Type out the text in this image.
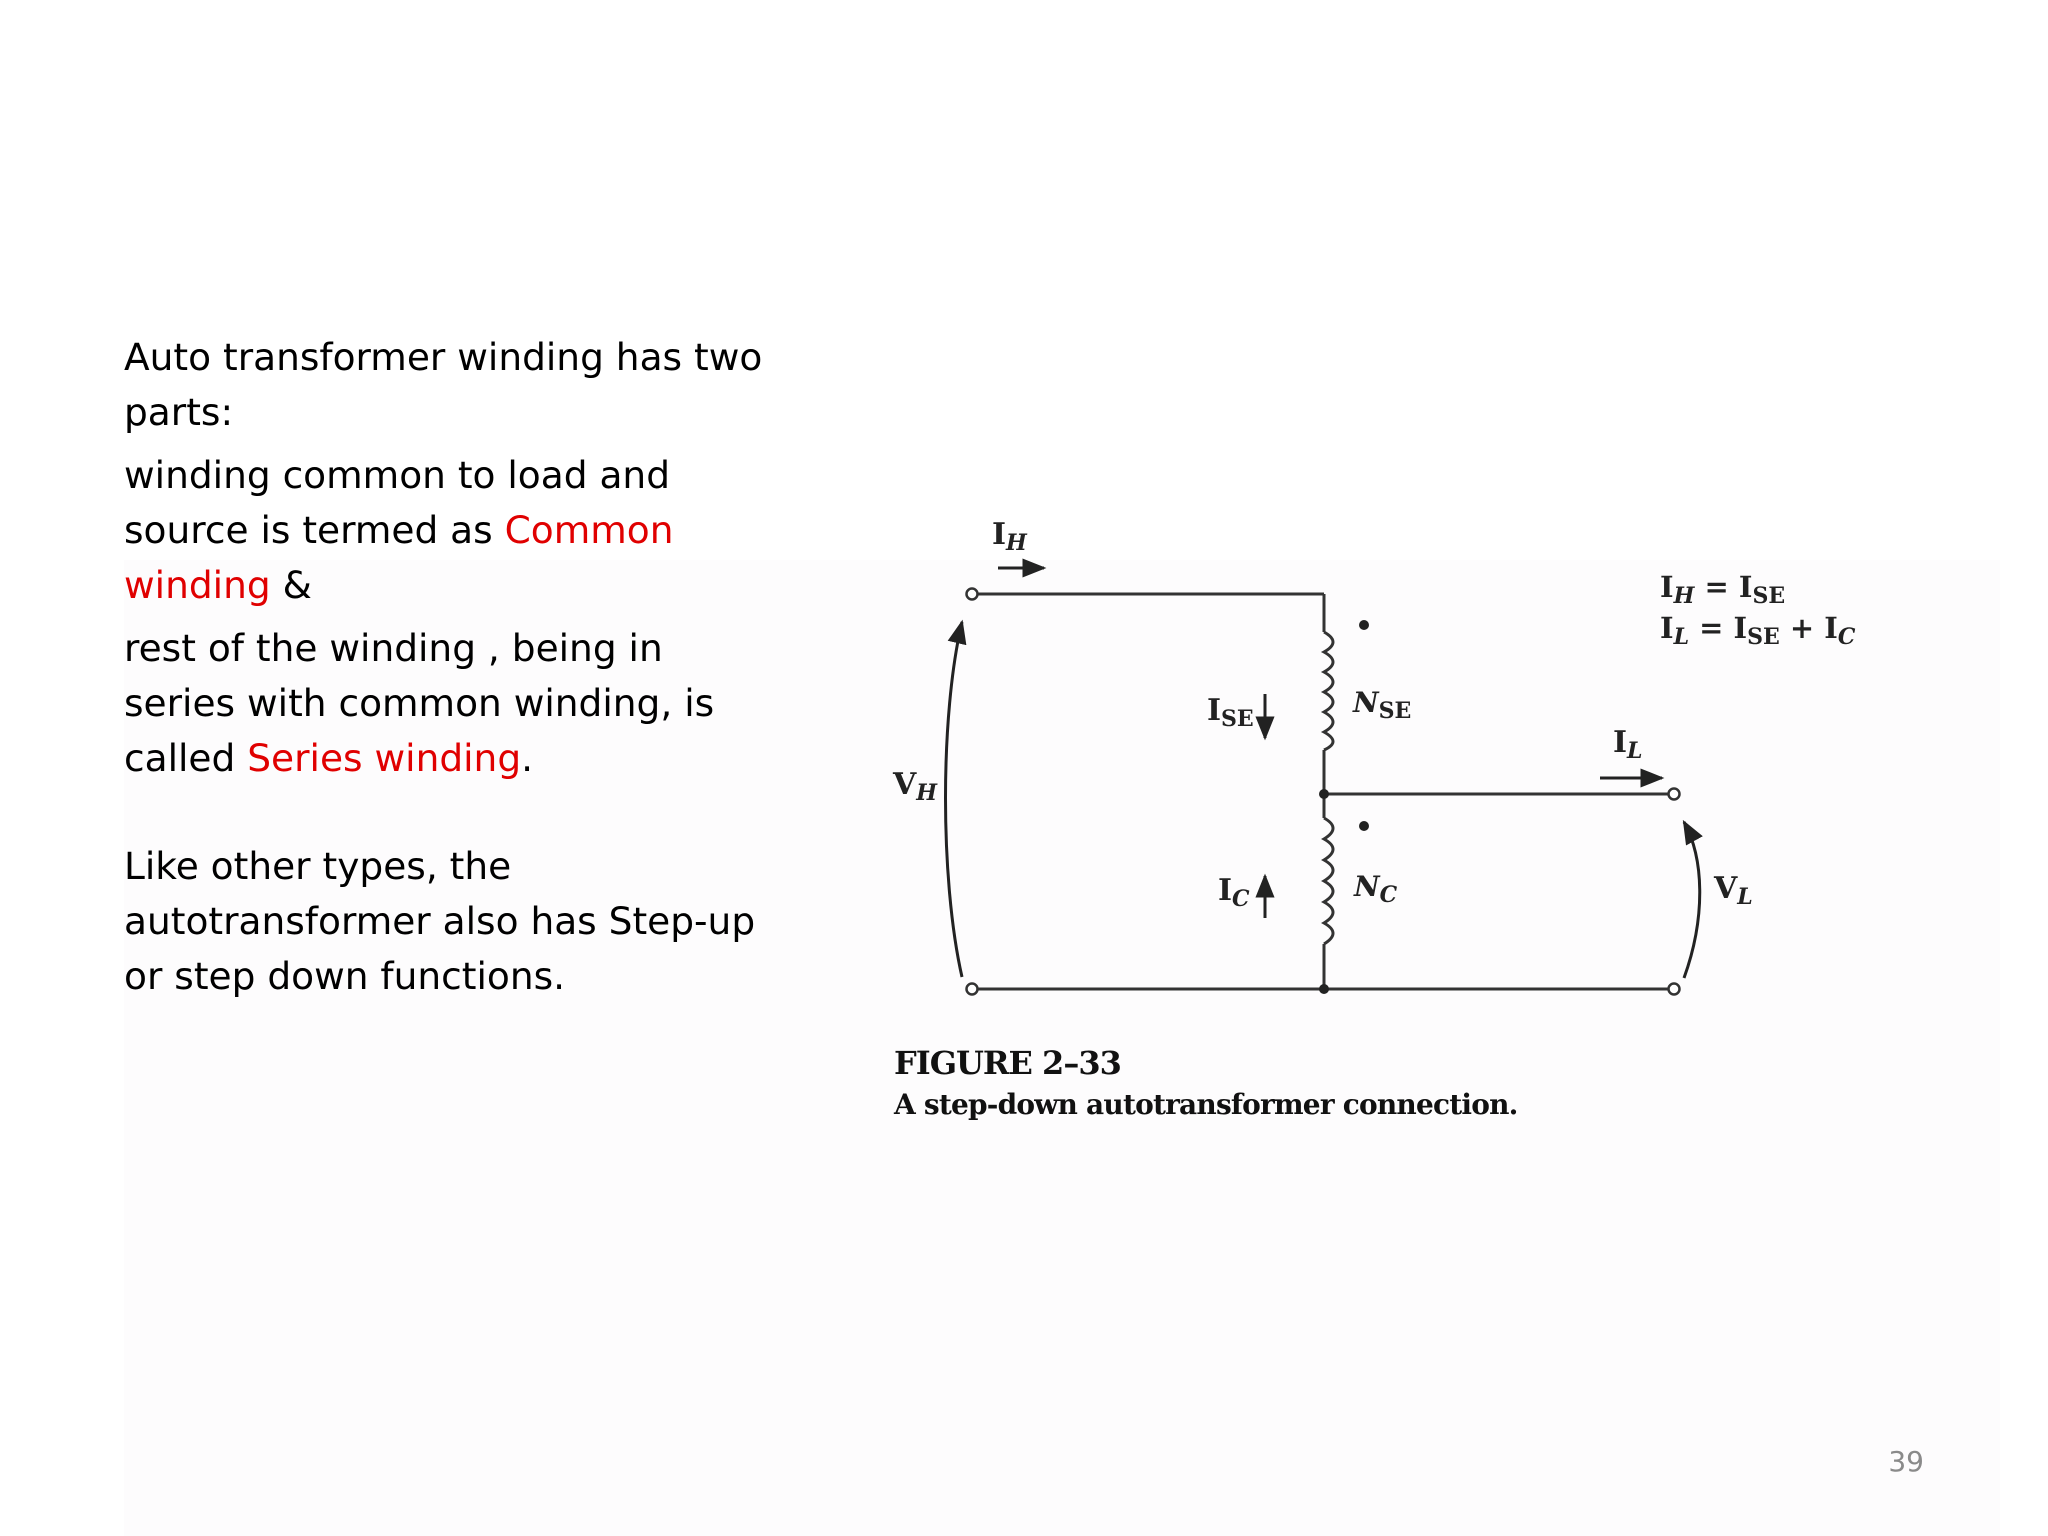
Auto transformer winding has two parts:

winding common to load and source is termed as Common winding &

rest of the winding , being in series with common winding, is called Series winding.

Like other types, the autotransformer also has Step-up or step down functions.

$I_H$
$V_H$
$I_{SE}$	$N_{SE}$
$I_C$	$N_C$
$I_L$
$V_L$
$I_H = I_{SE}$
$I_L = I_{SE} + I_C$
FIGURE 2–33
A step-down autotransformer connection.
39
